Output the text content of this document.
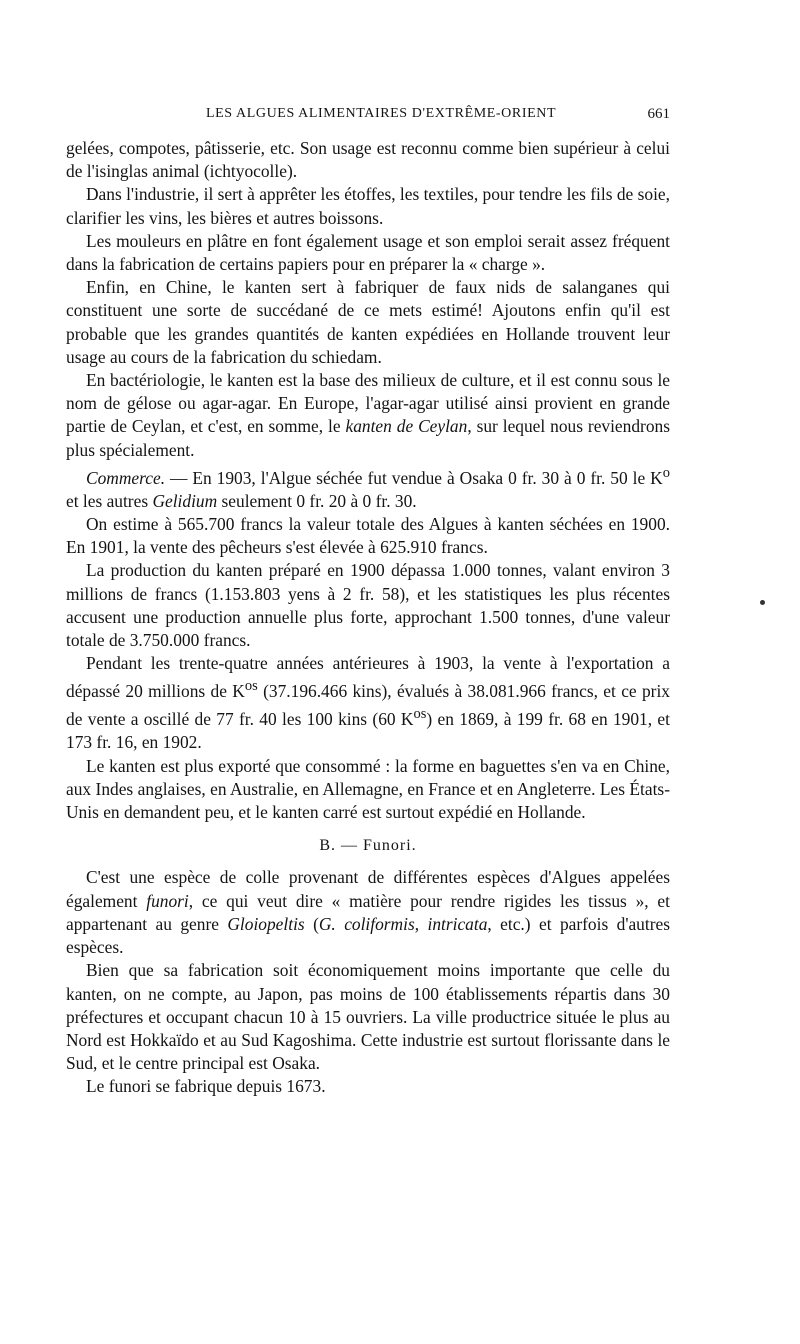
LES ALGUES ALIMENTAIRES D'EXTRÊME-ORIENT	661

gelées, compotes, pâtisserie, etc. Son usage est reconnu comme bien supérieur à celui de l'isinglas animal (ichtyocolle).

Dans l'industrie, il sert à apprêter les étoffes, les textiles, pour tendre les fils de soie, clarifier les vins, les bières et autres boissons.

Les mouleurs en plâtre en font également usage et son emploi serait assez fréquent dans la fabrication de certains papiers pour en préparer la « charge ».

Enfin, en Chine, le kanten sert à fabriquer de faux nids de salanganes qui constituent une sorte de succédané de ce mets estimé! Ajoutons enfin qu'il est probable que les grandes quantités de kanten expédiées en Hollande trouvent leur usage au cours de la fabrication du schiedam.

En bactériologie, le kanten est la base des milieux de culture, et il est connu sous le nom de gélose ou agar-agar. En Europe, l'agar-agar utilisé ainsi provient en grande partie de Ceylan, et c'est, en somme, le kanten de Ceylan, sur lequel nous reviendrons plus spécialement.

Commerce. — En 1903, l'Algue séchée fut vendue à Osaka 0 fr. 30 à 0 fr. 50 le $K^o$ et les autres Gelidium seulement 0 fr. 20 à 0 fr. 30.

On estime à 565.700 francs la valeur totale des Algues à kanten séchées en 1900. En 1901, la vente des pêcheurs s'est élevée à 625.910 francs.

La production du kanten préparé en 1900 dépassa 1.000 tonnes, valant environ 3 millions de francs (1.153.803 yens à 2 fr. 58), et les statistiques les plus récentes accusent une production annuelle plus forte, approchant 1.500 tonnes, d'une valeur totale de 3.750.000 francs.

Pendant les trente-quatre années antérieures à 1903, la vente à l'exportation a dépassé 20 millions de $K^{os}$ (37.196.466 kins), évalués à 38.081.966 francs, et ce prix de vente a oscillé de 77 fr. 40 les 100 kins (60 $K^{os}$) en 1869, à 199 fr. 68 en 1901, et 173 fr. 16, en 1902.

Le kanten est plus exporté que consommé : la forme en baguettes s'en va en Chine, aux Indes anglaises, en Australie, en Allemagne, en France et en Angleterre. Les États-Unis en demandent peu, et le kanten carré est surtout expédié en Hollande.

B. — Funori.

C'est une espèce de colle provenant de différentes espèces d'Algues appelées également funori, ce qui veut dire « matière pour rendre rigides les tissus », et appartenant au genre Gloiopeltis (G. coliformis, intricata, etc.) et parfois d'autres espèces.

Bien que sa fabrication soit économiquement moins importante que celle du kanten, on ne compte, au Japon, pas moins de 100 établissements répartis dans 30 préfectures et occupant chacun 10 à 15 ouvriers. La ville productrice située le plus au Nord est Hokkaïdo et au Sud Kagoshima. Cette industrie est surtout florissante dans le Sud, et le centre principal est Osaka.

Le funori se fabrique depuis 1673.
